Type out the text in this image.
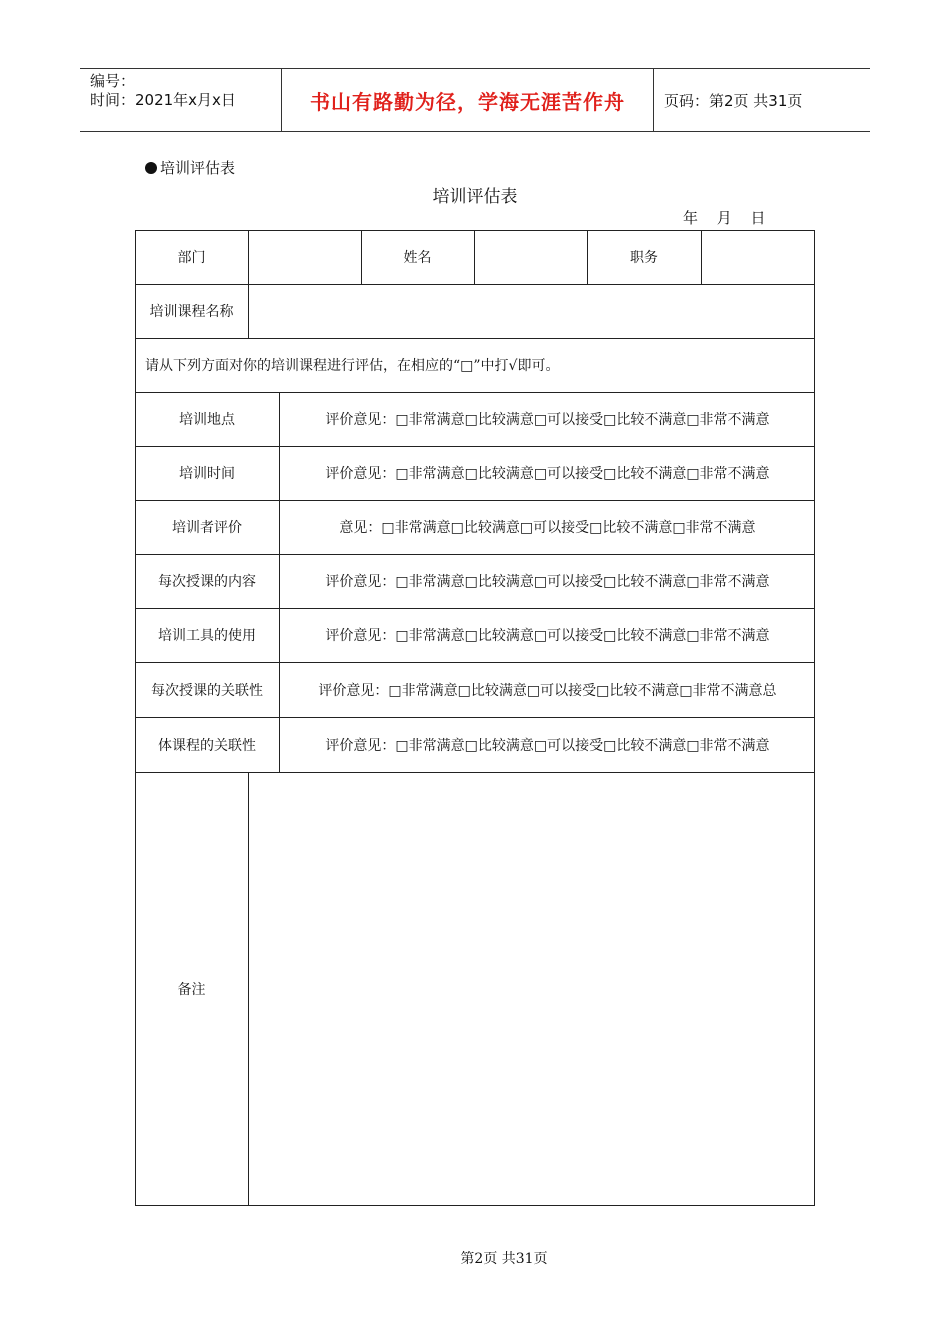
编号：
时间：2021年x月x日	书山有路勤为径，学海无涯苦作舟	页码：第2页 共31页
培训评估表
培训评估表
年 月 日
部门	姓名	职务
培训课程名称
请从下列方面对你的培训课程进行评估，在相应的“□”中打√即可。
培训地点	评价意见：□非常满意□比较满意□可以接受□比较不满意□非常不满意
培训时间	评价意见：□非常满意□比较满意□可以接受□比较不满意□非常不满意
培训者评价	意见：□非常满意□比较满意□可以接受□比较不满意□非常不满意
每次授课的内容	评价意见：□非常满意□比较满意□可以接受□比较不满意□非常不满意
培训工具的使用	评价意见：□非常满意□比较满意□可以接受□比较不满意□非常不满意
每次授课的关联性	评价意见：□非常满意□比较满意□可以接受□比较不满意□非常不满意总
体课程的关联性	评价意见：□非常满意□比较满意□可以接受□比较不满意□非常不满意
备注
第2页 共31页
